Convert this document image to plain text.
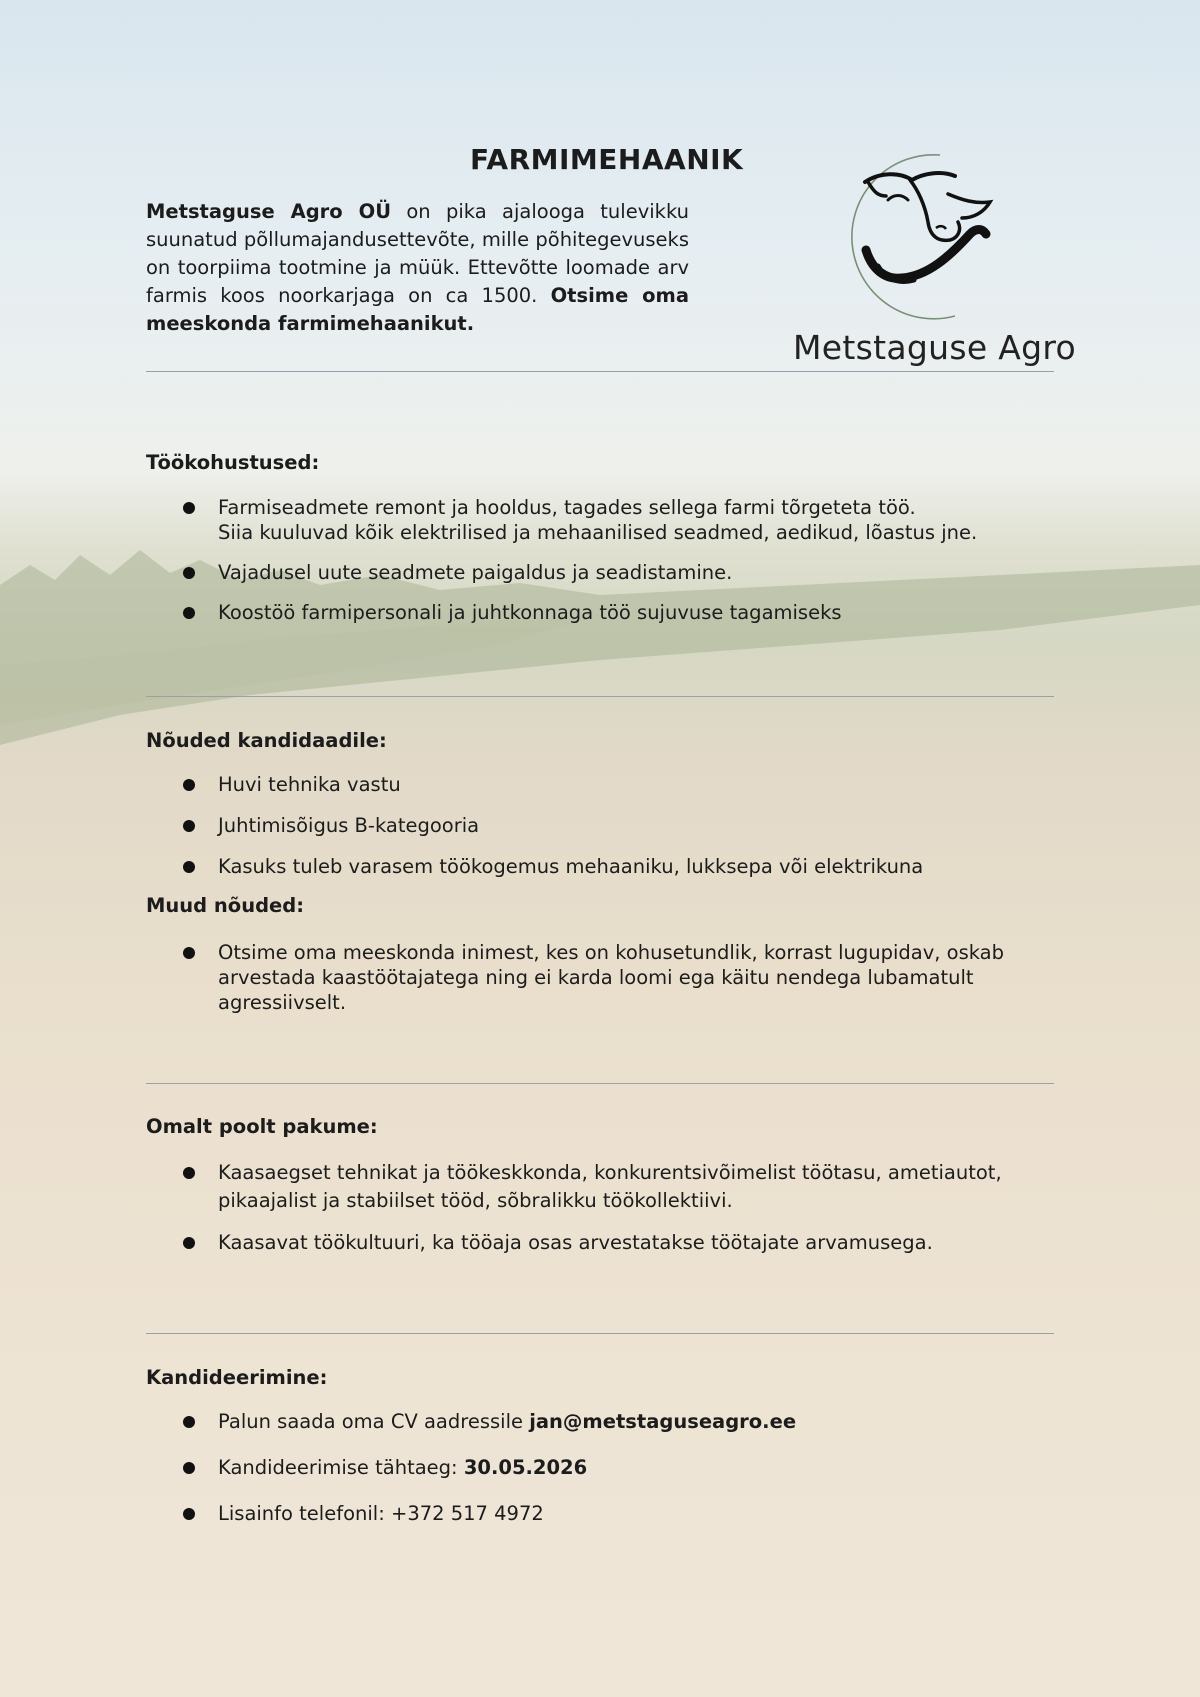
FARMIMEHAANIK

Metstaguse Agro OÜ on pika ajalooga tulevikku suunatud põllumajandusettevõte, mille põhitegevuseks on toorpiima tootmine ja müük. Ettevõtte loomade arv farmis koos noorkarjaga on ca 1500. Otsime oma meeskonda farmimehaanikut.

Metstaguse Agro
Töökohustused:
Farmiseadmete remont ja hooldus, tagades sellega farmi tõrgeteta töö.
Siia kuuluvad kõik elektrilised ja mehaanilised seadmed, aedikud, lõastus jne.
Vajadusel uute seadmete paigaldus ja seadistamine.
Koostöö farmipersonali ja juhtkonnaga töö sujuvuse tagamiseks
Nõuded kandidaadile:
Huvi tehnika vastu
Juhtimisõigus B-kategooria
Kasuks tuleb varasem töökogemus mehaaniku, lukksepa või elektrikuna
Muud nõuded:
Otsime oma meeskonda inimest, kes on kohusetundlik, korrast lugupidav, oskab arvestada kaastöötajatega ning ei karda loomi ega käitu nendega lubamatult agressiivselt.
Omalt poolt pakume:
Kaasaegset tehnikat ja töökeskkonda, konkurentsivõimelist töötasu, ametiautot, pikaajalist ja stabiilset tööd, sõbralikku töökollektiivi.
Kaasavat töökultuuri, ka tööaja osas arvestatakse töötajate arvamusega.
Kandideerimine:
Palun saada oma CV aadressile jan@metstaguseagro.ee
Kandideerimise tähtaeg: 30.05.2026
Lisainfo telefonil: +372 517 4972
